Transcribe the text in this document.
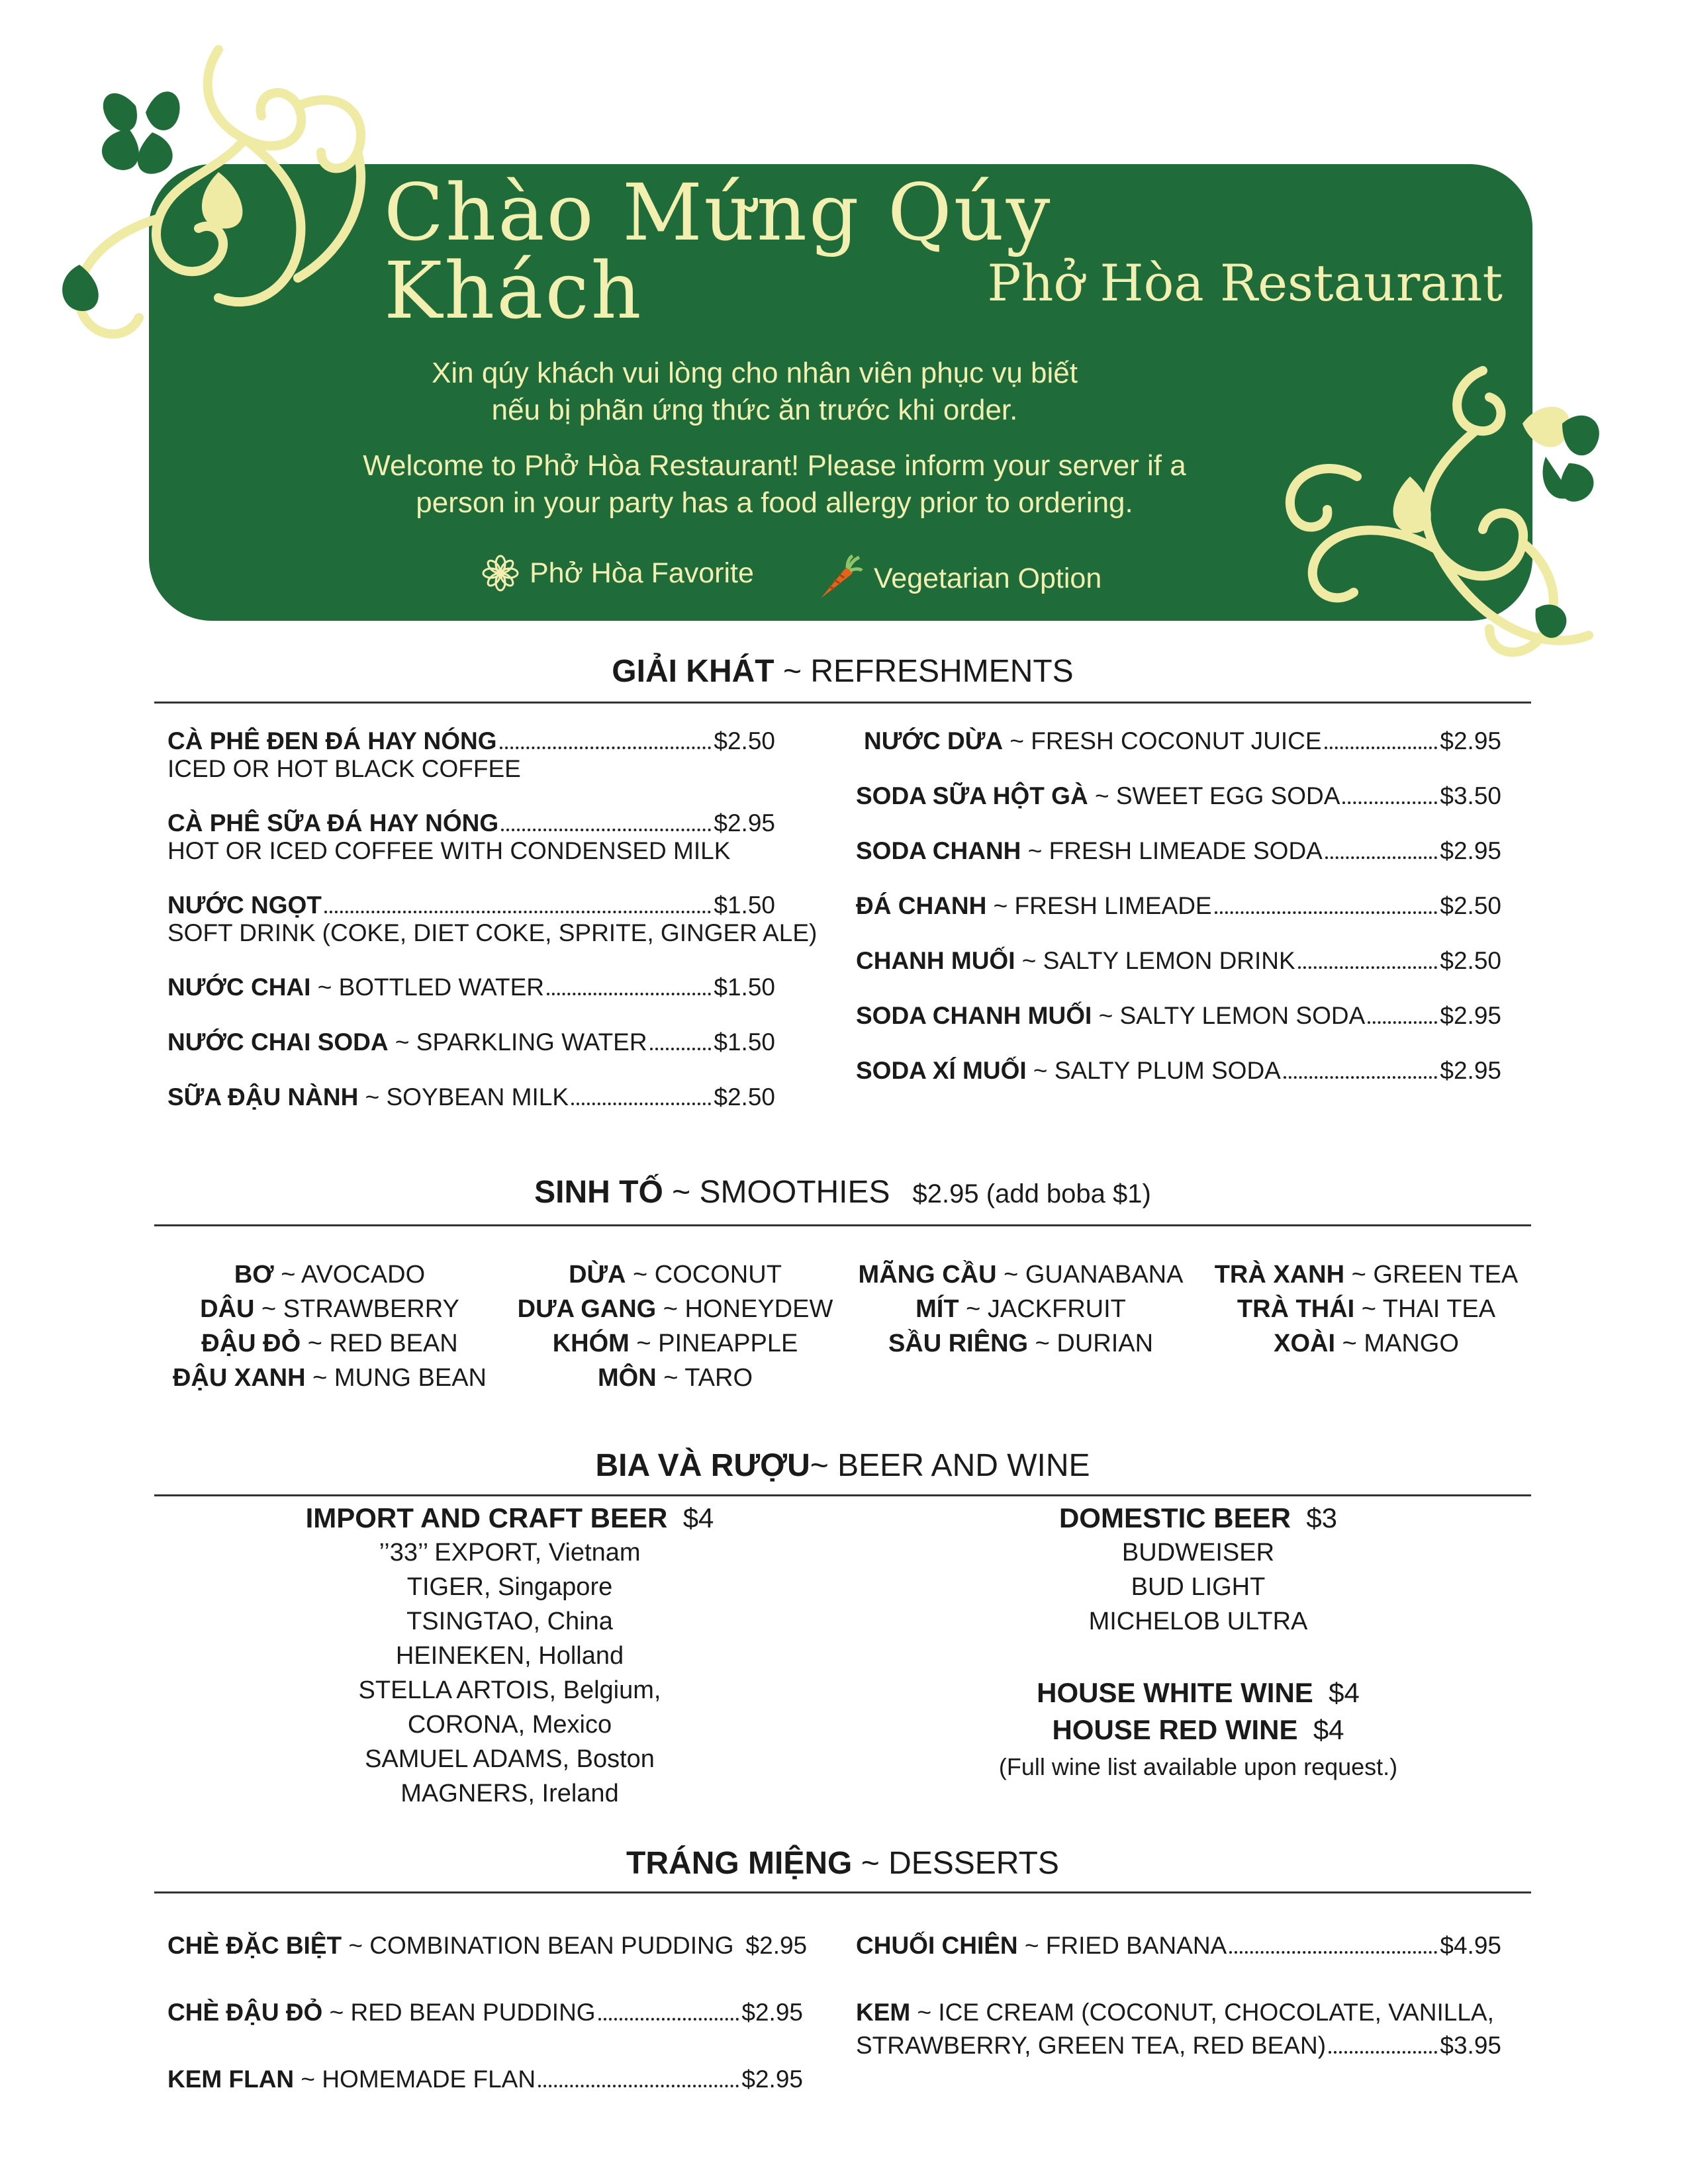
Chào Mứng Qúy Khách	Phở Hòa Restaurant
Xin qúy khách vui lòng cho nhân viên phục vụ biết
nếu bị phãn ứng thức ăn trước khi order.
Welcome to Phở Hòa Restaurant! Please inform your server if a
person in your party has a food allergy prior to ordering.
Phở Hòa Favorite	Vegetarian Option
GIẢI KHÁT ~ REFRESHMENTS
CÀ PHÊ ĐEN ĐÁ HAY NÓNG	$2.50
ICED OR HOT BLACK COFFEE
CÀ PHÊ SỮA ĐÁ HAY NÓNG	$2.95
HOT OR ICED COFFEE WITH CONDENSED MILK
NƯỚC NGỌT	$1.50
SOFT DRINK (COKE, DIET COKE, SPRITE, GINGER ALE)
NƯỚC CHAI ~ BOTTLED WATER	$1.50
NƯỚC CHAI SODA ~ SPARKLING WATER	$1.50
SỮA ĐẬU NÀNH ~ SOYBEAN MILK	$2.50
NƯỚC DỪA ~ FRESH COCONUT JUICE	$2.95
SODA SỮA HỘT GÀ ~ SWEET EGG SODA	$3.50
SODA CHANH ~ FRESH LIMEADE SODA	$2.95
ĐÁ CHANH ~ FRESH LIMEADE	$2.50
CHANH MUỐI ~ SALTY LEMON DRINK	$2.50
SODA CHANH MUỐI ~ SALTY LEMON SODA	$2.95
SODA XÍ MUỐI ~ SALTY PLUM SODA	$2.95
SINH TỐ ~ SMOOTHIES $2.95 (add boba $1)
BƠ ~ AVOCADO
DÂU ~ STRAWBERRY
ĐẬU ĐỎ ~ RED BEAN
ĐẬU XANH ~ MUNG BEAN
DỪA ~ COCONUT
DƯA GANG ~ HONEYDEW
KHÓM ~ PINEAPPLE
MÔN ~ TARO
MÃNG CẦU ~ GUANABANA
MÍT ~ JACKFRUIT
SẦU RIÊNG ~ DURIAN
TRÀ XANH ~ GREEN TEA
TRÀ THÁI ~ THAI TEA
XOÀI ~ MANGO
BIA VÀ RƯỢU~ BEER AND WINE
IMPORT AND CRAFT BEER $4
’’33’’ EXPORT, Vietnam
TIGER, Singapore
TSINGTAO, China
HEINEKEN, Holland
STELLA ARTOIS, Belgium,
CORONA, Mexico
SAMUEL ADAMS, Boston
MAGNERS, Ireland
DOMESTIC BEER $3
BUDWEISER
BUD LIGHT
MICHELOB ULTRA
HOUSE WHITE WINE $4
HOUSE RED WINE $4
(Full wine list available upon request.)
TRÁNG MIỆNG ~ DESSERTS
CHÈ ĐẶC BIỆT ~ COMBINATION BEAN PUDDING $2.95
CHÈ ĐẬU ĐỎ ~ RED BEAN PUDDING	$2.95
KEM FLAN ~ HOMEMADE FLAN	$2.95
CHUỐI CHIÊN ~ FRIED BANANA	$4.95
KEM ~ ICE CREAM (COCONUT, CHOCOLATE, VANILLA,
STRAWBERRY, GREEN TEA, RED BEAN)	$3.95
